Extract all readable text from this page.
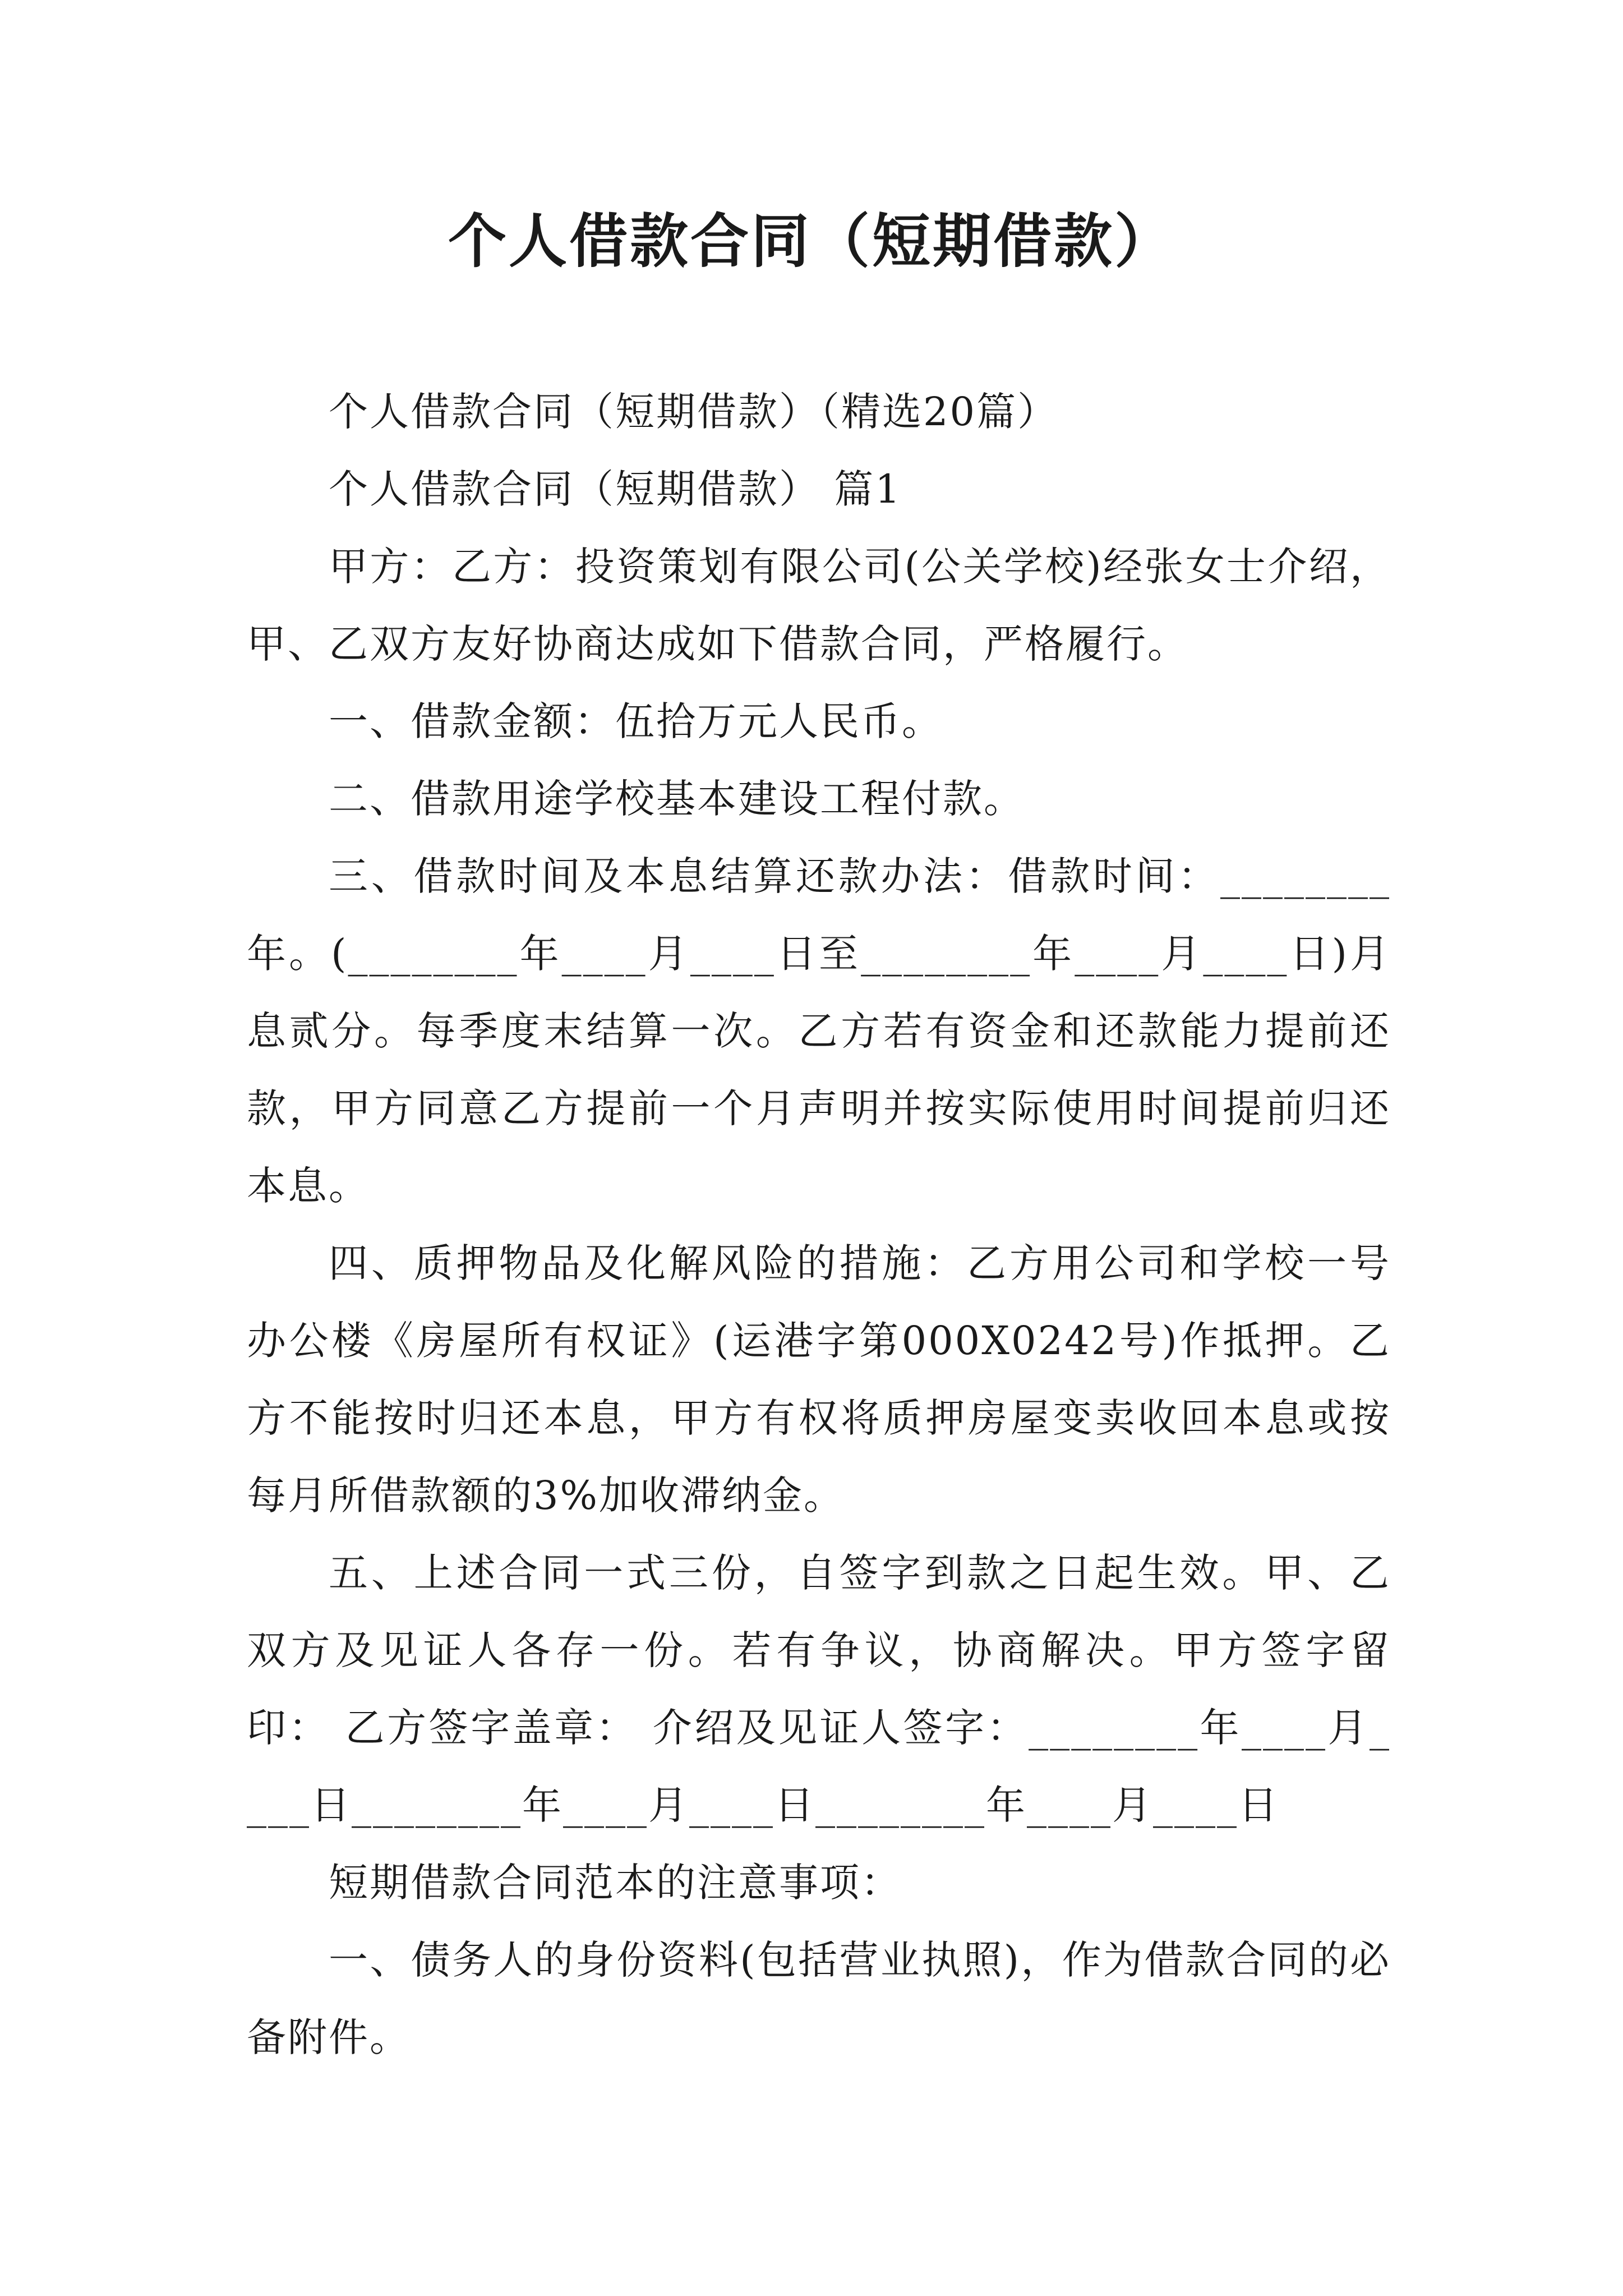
个人借款合同（短期借款）

个人借款合同（短期借款）（精选20篇）

个人借款合同（短期借款） 篇1

甲方：乙方：投资策划有限公司(公关学校)经张女士介绍，甲、乙双方友好协商达成如下借款合同，严格履行。

一、借款金额：伍拾万元人民币。

二、借款用途学校基本建设工程付款。

三、借款时间及本息结算还款办法：借款时间：________年。(________年____月____日至________年____月____日)月息贰分。每季度末结算一次。乙方若有资金和还款能力提前还款，甲方同意乙方提前一个月声明并按实际使用时间提前归还本息。

四、质押物品及化解风险的措施：乙方用公司和学校一号办公楼《房屋所有权证》(运港字第000X0242号)作抵押。乙方不能按时归还本息，甲方有权将质押房屋变卖收回本息或按每月所借款额的3%加收滞纳金。

五、上述合同一式三份，自签字到款之日起生效。甲、乙双方及见证人各存一份。若有争议，协商解决。甲方签字留印： 乙方签字盖章： 介绍及见证人签字：________年____月____日________年____月____日________年____月____日

短期借款合同范本的注意事项：

一、债务人的身份资料(包括营业执照)，作为借款合同的必备附件。
